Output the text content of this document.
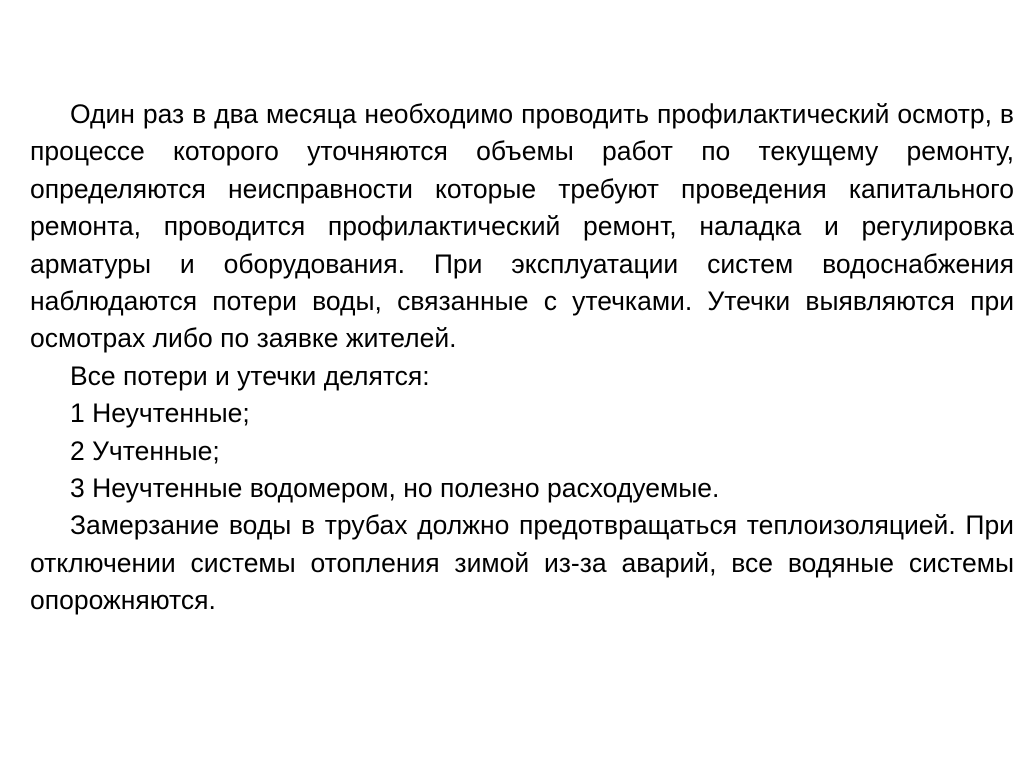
Один раз в два месяца необходимо проводить профилактический осмотр, в процессе которого уточняются объемы работ по текущему ремонту, определяются неисправности которые требуют проведения капитального ремонта, проводится профилактический ремонт, наладка и регулировка арматуры и оборудования. При эксплуатации систем водоснабжения наблюдаются потери воды, связанные с утечками. Утечки выявляются при осмотрах либо по заявке жителей.

Все потери и утечки делятся:

1 Неучтенные;

2 Учтенные;

3 Неучтенные водомером, но полезно расходуемые.

Замерзание воды в трубах должно предотвращаться теплоизоляцией. При отключении системы отопления зимой из-за аварий, все водяные системы опорожняются.
